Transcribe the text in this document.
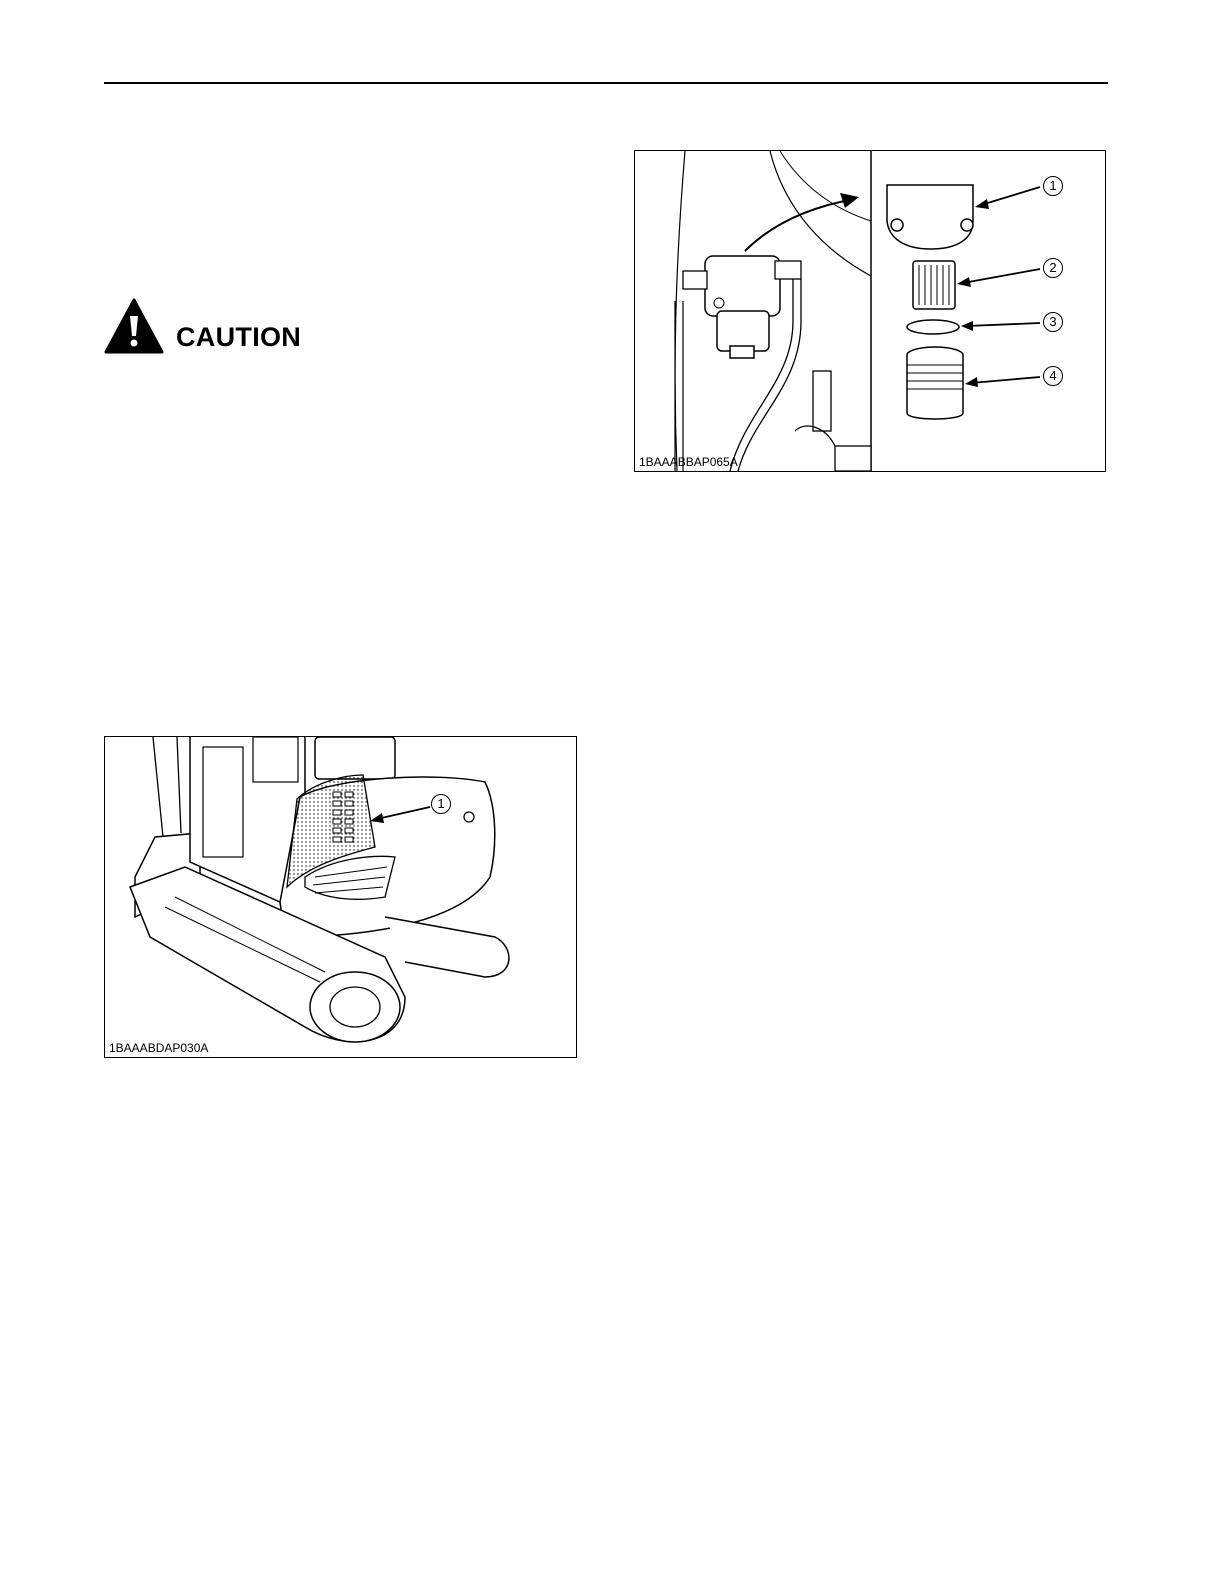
CAUTION
1
2
3
4
1BAAABBAP065A
1
1BAAABDAP030A
